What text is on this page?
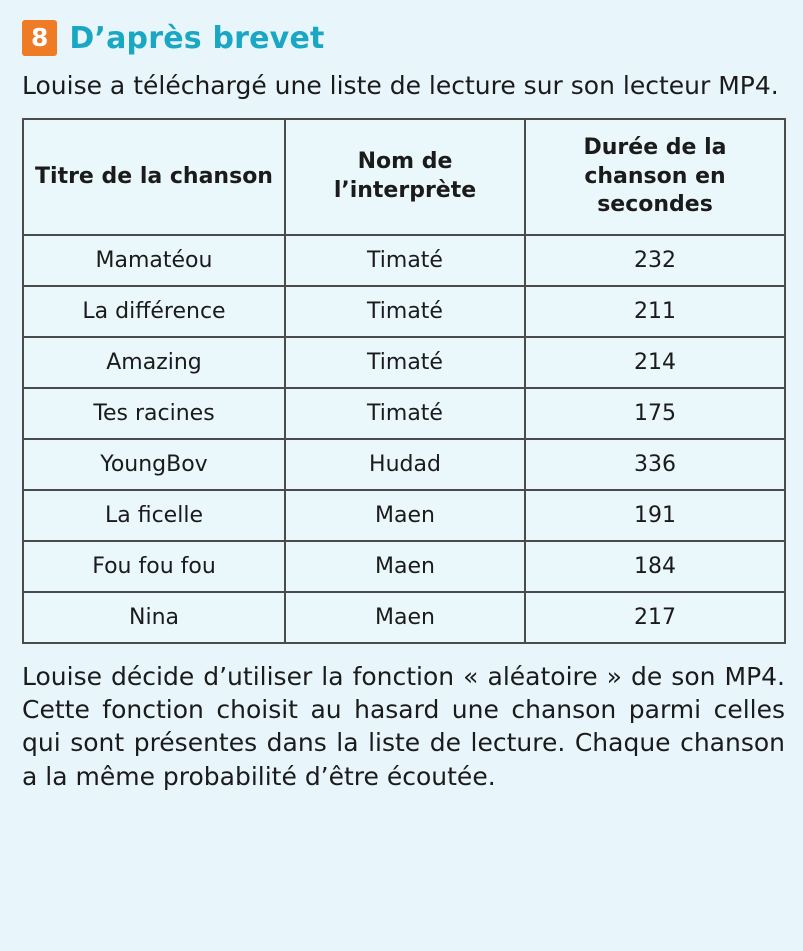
8 D’après brevet

Louise a téléchargé une liste de lecture sur son lecteur MP4.

Titre de la chanson	Nom de l’interprète	Durée de la chanson en secondes
Mamatéou	Timaté	232
La différence	Timaté	211
Amazing	Timaté	214
Tes racines	Timaté	175
YoungBov	Hudad	336
La ficelle	Maen	191
Fou fou fou	Maen	184
Nina	Maen	217

Louise décide d’utiliser la fonction « aléatoire » de son MP4. Cette fonction choisit au hasard une chanson parmi celles qui sont présentes dans la liste de lecture. Chaque chanson a la même probabilité d’être écoutée.
